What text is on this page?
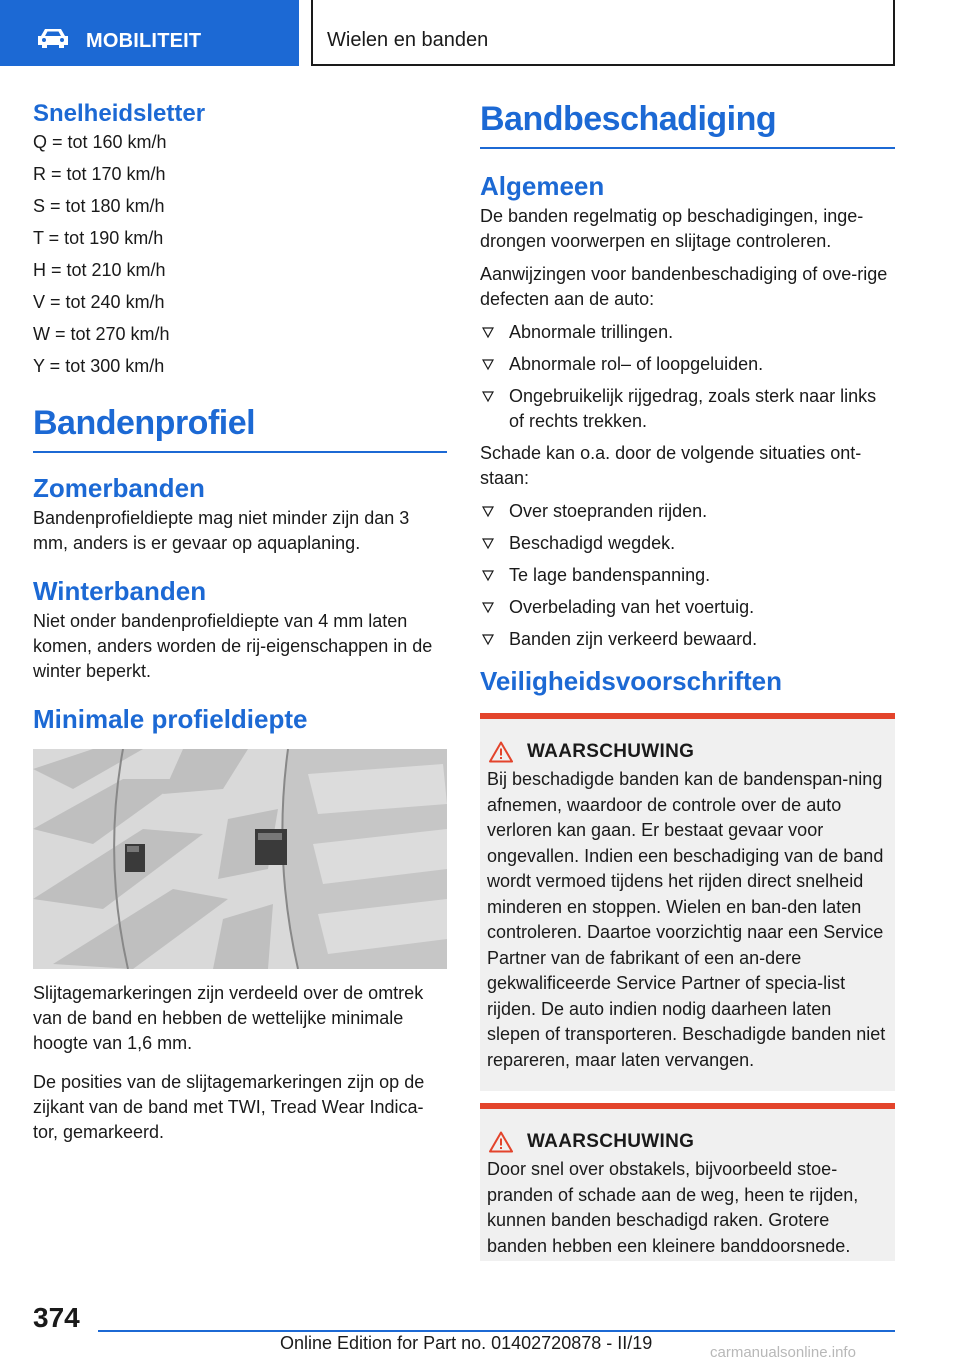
MOBILITEIT	Wielen en banden
Snelheidsletter
Q = tot 160 km/h
R = tot 170 km/h
S = tot 180 km/h
T = tot 190 km/h
H = tot 210 km/h
V = tot 240 km/h
W = tot 270 km/h
Y = tot 300 km/h
Bandenprofiel
Zomerbanden

Bandenprofieldiepte mag niet minder zijn dan 3 mm, anders is er gevaar op aquaplaning.

Winterbanden

Niet onder bandenprofieldiepte van 4 mm laten komen, anders worden de rij-eigenschappen in de winter beperkt.

Minimale profieldiepte

Slijtagemarkeringen zijn verdeeld over de omtrek van de band en hebben de wettelijke minimale hoogte van 1,6 mm.

De posities van de slijtagemarkeringen zijn op de zijkant van de band met TWI, Tread Wear Indica-tor, gemarkeerd.

Bandbeschadiging
Algemeen

De banden regelmatig op beschadigingen, inge-drongen voorwerpen en slijtage controleren.

Aanwijzingen voor bandenbeschadiging of ove-rige defecten aan de auto:

Abnormale trillingen.
Abnormale rol– of loopgeluiden.
Ongebruikelijk rijgedrag, zoals sterk naar links of rechts trekken.

Schade kan o.a. door de volgende situaties ont-staan:

Over stoepranden rijden.
Beschadigd wegdek.
Te lage bandenspanning.
Overbelading van het voertuig.
Banden zijn verkeerd bewaard.
Veiligheidsvoorschriften
WAARSCHUWING

Bij beschadigde banden kan de bandenspan-ning afnemen, waardoor de controle over de auto verloren kan gaan. Er bestaat gevaar voor ongevallen. Indien een beschadiging van de band wordt vermoed tijdens het rijden direct snelheid minderen en stoppen. Wielen en ban-den laten controleren. Daartoe voorzichtig naar een Service Partner van de fabrikant of een an-dere gekwalificeerde Service Partner of specia-list rijden. De auto indien nodig daarheen laten slepen of transporteren. Beschadigde banden niet repareren, maar laten vervangen.

WAARSCHUWING

Door snel over obstakels, bijvoorbeeld stoe-pranden of schade aan de weg, heen te rijden, kunnen banden beschadigd raken. Grotere banden hebben een kleinere banddoorsnede.

374
Online Edition for Part no. 01402720878 - II/19	carmanualsonline.info
